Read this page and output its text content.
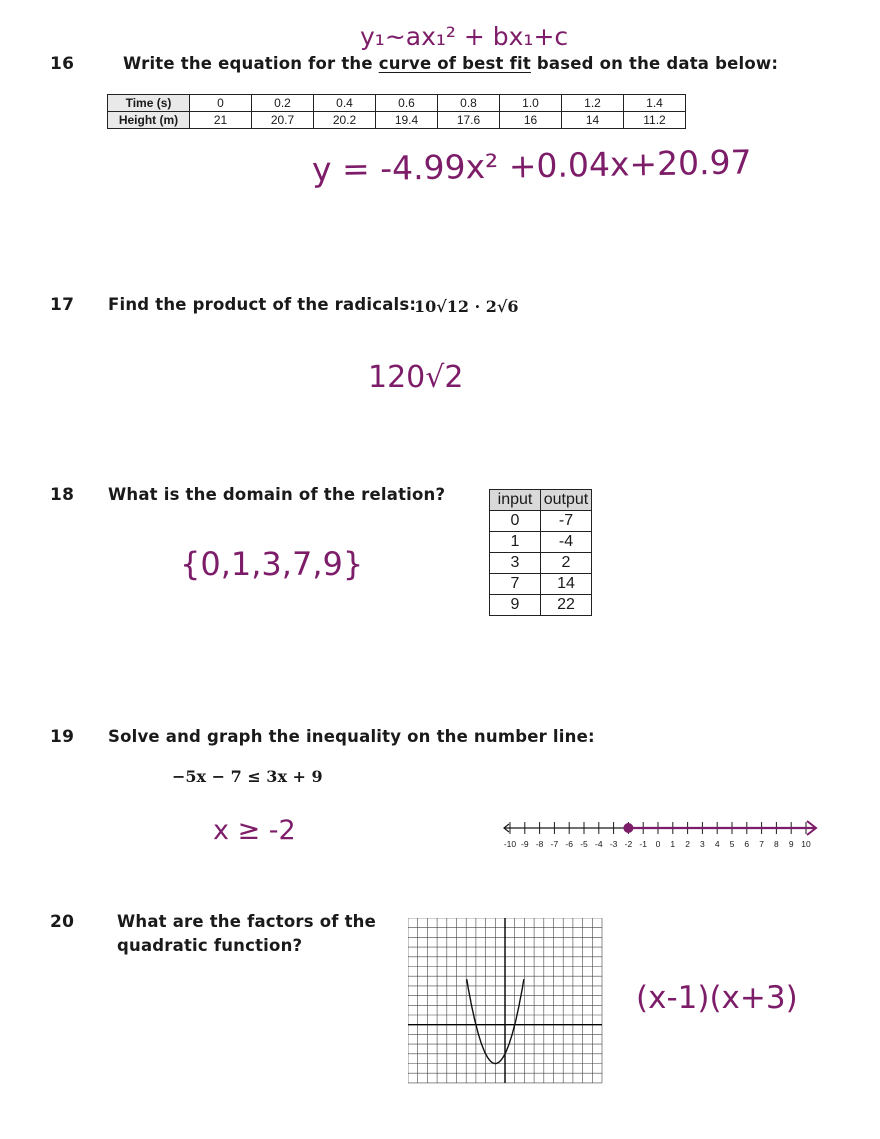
y₁~ax₁² + bx₁+c
16	Write the equation for the curve of best fit based on the data below:
Time (s)	0	0.2	0.4	0.6	0.8	1.0	1.2	1.4
Height (m)	21	20.7	20.2	19.4	17.6	16	14	11.2
y = -4.99x² +0.04x+20.97
17 Find the product of the radicals:
10√12 · 2√6
120√2
18 What is the domain of the relation?	input	output
0	-7
1	-4
3	2
7	14
9	22
{0,1,3,7,9}
19 Solve and graph the inequality on the number line:
−5x − 7 ≤ 3x + 9
x ≥ -2	-10 -9 -8 -7 -6 -5 -4 -3 -2 -1 0 1 2 3 4 5 6 7 8 9 10
20	What are the factors of the
quadratic function?
(x-1)(x+3)
